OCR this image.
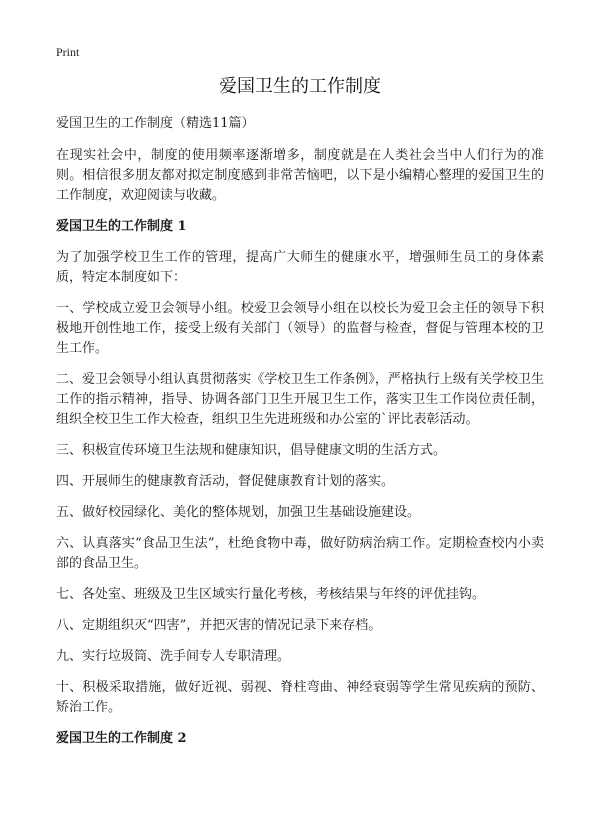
Print
爱国卫生的工作制度

爱国卫生的工作制度（精选11篇）

在现实社会中，制度的使用频率逐渐增多，制度就是在人类社会当中人们行为的准则。相信很多朋友都对拟定制度感到非常苦恼吧，以下是小编精心整理的爱国卫生的工作制度，欢迎阅读与收藏。

爱国卫生的工作制度 1

为了加强学校卫生工作的管理，提高广大师生的健康水平，增强师生员工的身体素质，特定本制度如下：

一、学校成立爱卫会领导小组。校爱卫会领导小组在以校长为爱卫会主任的领导下积极地开创性地工作，接受上级有关部门（领导）的监督与检查，督促与管理本校的卫生工作。

二、爱卫会领导小组认真贯彻落实《学校卫生工作条例》，严格执行上级有关学校卫生工作的指示精神，指导、协调各部门卫生开展卫生工作，落实卫生工作岗位责任制，组织全校卫生工作大检查，组织卫生先进班级和办公室的`评比表彰活动。

三、积极宣传环境卫生法规和健康知识，倡导健康文明的生活方式。

四、开展师生的健康教育活动，督促健康教育计划的落实。

五、做好校园绿化、美化的整体规划，加强卫生基础设施建设。

六、认真落实“食品卫生法”，杜绝食物中毒，做好防病治病工作。定期检查校内小卖部的食品卫生。

七、各处室、班级及卫生区域实行量化考核，考核结果与年终的评优挂钩。

八、定期组织灭“四害”，并把灭害的情况记录下来存档。

九、实行垃圾筒、洗手间专人专职清理。

十、积极采取措施，做好近视、弱视、脊柱弯曲、神经衰弱等学生常见疾病的预防、矫治工作。

爱国卫生的工作制度 2
